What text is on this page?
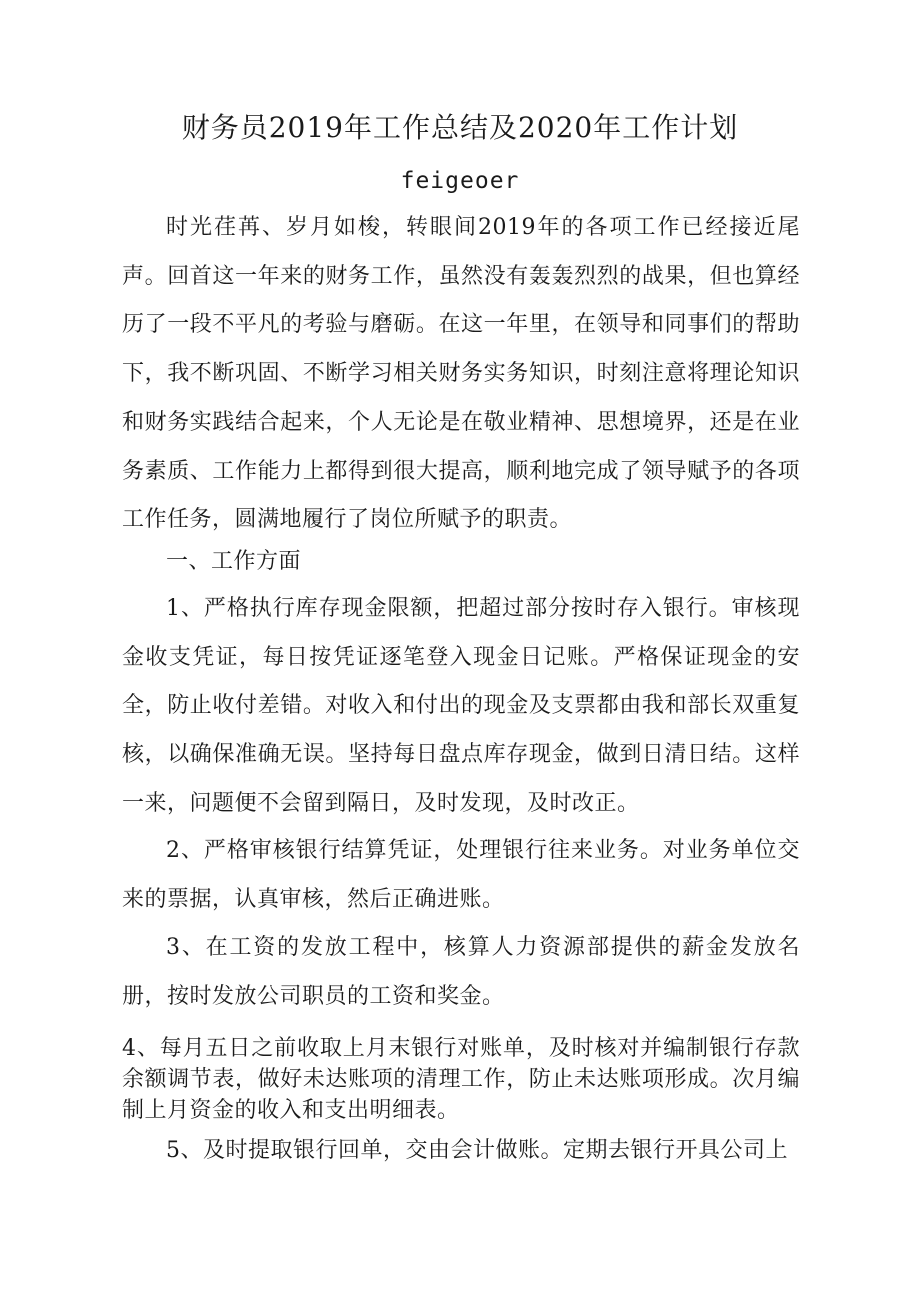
财务员2019年工作总结及2020年工作计划
feigeoer

时光荏苒、岁月如梭，转眼间2019年的各项工作已经接近尾声。回首这一年来的财务工作，虽然没有轰轰烈烈的战果，但也算经历了一段不平凡的考验与磨砺。在这一年里，在领导和同事们的帮助下，我不断巩固、不断学习相关财务实务知识，时刻注意将理论知识和财务实践结合起来，个人无论是在敬业精神、思想境界，还是在业务素质、工作能力上都得到很大提高，顺利地完成了领导赋予的各项工作任务，圆满地履行了岗位所赋予的职责。

一、工作方面

1、严格执行库存现金限额，把超过部分按时存入银行。审核现金收支凭证，每日按凭证逐笔登入现金日记账。严格保证现金的安全，防止收付差错。对收入和付出的现金及支票都由我和部长双重复核，以确保准确无误。坚持每日盘点库存现金，做到日清日结。这样一来，问题便不会留到隔日，及时发现，及时改正。

2、严格审核银行结算凭证，处理银行往来业务。对业务单位交来的票据，认真审核，然后正确进账。

3、在工资的发放工程中，核算人力资源部提供的薪金发放名册，按时发放公司职员的工资和奖金。

4、每月五日之前收取上月末银行对账单，及时核对并编制银行存款余额调节表，做好未达账项的清理工作，防止未达账项形成。次月编制上月资金的收入和支出明细表。

5、及时提取银行回单，交由会计做账。定期去银行开具公司上
